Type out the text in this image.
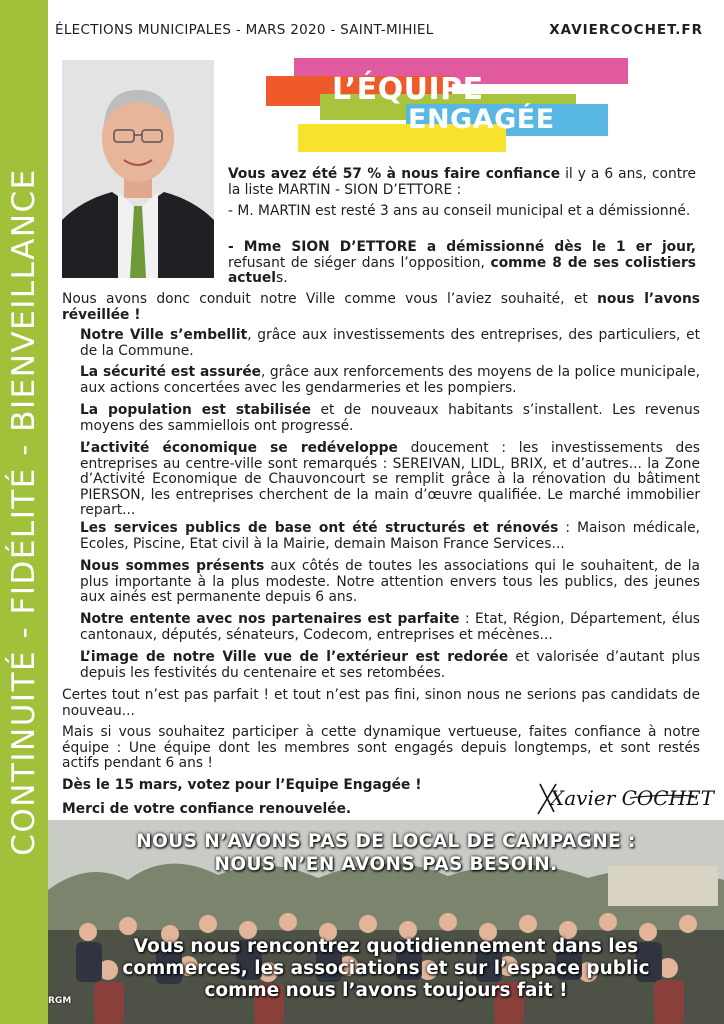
CONTINUITÉ - FIDÉLITÉ - BIENVEILLANCE
ÉLECTIONS MUNICIPALES - MARS 2020 - SAINT-MIHIEL	XAVIERCOCHET.FR
L’ÉQUIPE
ENGAGÉE
Vous avez été 57 % à nous faire confiance il y a 6 ans, contre la liste MARTIN - SION D’ETTORE :
- M. MARTIN est resté 3 ans au conseil municipal et a démissionné.
- Mme SION D’ETTORE a démissionné dès le 1 er jour, refusant de siéger dans l’opposition, comme 8 de ses colistiers actuels.
Nous avons donc conduit notre Ville comme vous l’aviez souhaité, et nous l’avons réveillée !
Notre Ville s’embellit, grâce aux investissements des entreprises, des particuliers, et de la Commune.
La sécurité est assurée, grâce aux renforcements des moyens de la police municipale, aux actions concertées avec les gendarmeries et les pompiers.
La population est stabilisée et de nouveaux habitants s’installent. Les revenus moyens des sammiellois ont progressé.
L’activité économique se redéveloppe doucement : les investissements des entreprises au centre-ville sont remarqués : SEREIVAN, LIDL, BRIX, et d’autres... la Zone d’Activité Economique de Chauvoncourt se remplit grâce à la rénovation du bâtiment PIERSON, les entreprises cherchent de la main d’œuvre qualifiée. Le marché immobilier repart...
Les services publics de base ont été structurés et rénovés : Maison médicale, Ecoles, Piscine, Etat civil à la Mairie, demain Maison France Services...
Nous sommes présents aux côtés de toutes les associations qui le souhaitent, de la plus importante à la plus modeste. Notre attention envers tous les publics, des jeunes aux ainés est permanente depuis 6 ans.
Notre entente avec nos partenaires est parfaite : Etat, Région, Département, élus cantonaux, députés, sénateurs, Codecom, entreprises et mécènes...
L’image de notre Ville vue de l’extérieur est redorée et valorisée d’autant plus depuis les festivités du centenaire et ses retombées.
Certes tout n’est pas parfait ! et tout n’est pas fini, sinon nous ne serions pas candidats de nouveau...
Mais si vous souhaitez participer à cette dynamique vertueuse, faites confiance à notre équipe : Une équipe dont les membres sont engagés depuis longtemps, et sont restés actifs pendant 6 ans !
Dès le 15 mars, votez pour l’Equipe Engagée !
Merci de votre confiance renouvelée.	Xavier COCHET
NOUS N’AVONS PAS DE LOCAL DE CAMPAGNE :
NOUS N’EN AVONS PAS BESOIN.
Vous nous rencontrez quotidiennement dans les
commerces, les associations et sur l’espace public
comme nous l’avons toujours fait !
RGM
